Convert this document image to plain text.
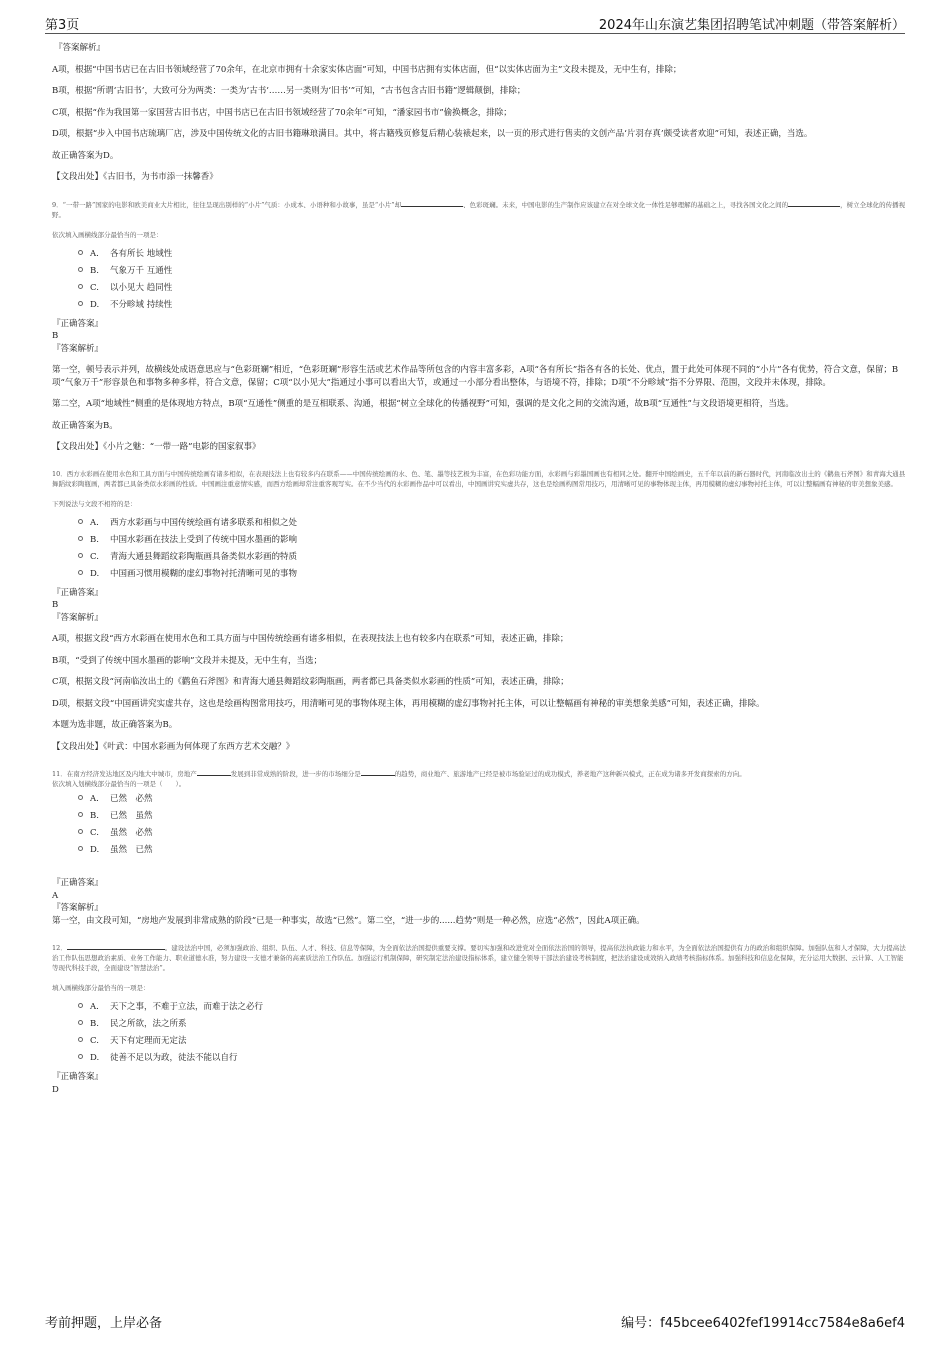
第3页	2024年山东演艺集团招聘笔试冲刺题（带答案解析）

『答案解析』

A项，根据“中国书店已在古旧书领域经营了70余年，在北京市拥有十余家实体店面”可知，中国书店拥有实体店面，但“以实体店面为主”文段未提及，无中生有，排除；

B项，根据“所谓‘古旧书’，大致可分为两类：一类为‘古书’……另一类则为‘旧书’”可知，“古书包含古旧书籍”逻辑颠倒，排除；

C项，根据“作为我国第一家国营古旧书店，中国书店已在古旧书领域经营了70余年”可知，“潘家园书市”偷换概念，排除；

D项，根据“步入中国书店琉璃厂店，涉及中国传统文化的古旧书籍琳琅满目。其中，将古籍残页修复后精心装裱起来，以一页的形式进行售卖的文创产品‘片羽存真’颇受读者欢迎”可知，表述正确，当选。

故正确答案为D。

【文段出处】《古旧书，为书市添一抹馨香》

9．“一带一路”国家的电影和欧美商业大片相比，往往呈现出别样的“小片”气质：小成本、小语种和小故事，虽是“小片”却	、色彩斑斓。未来，中国电影的生产制作应该建立在对全球文化一体性足够理解的基础之上，寻找各国文化之间的	，树立全球化的传播视野。

依次填入画横线部分最恰当的一项是：

A. 各有所长 地域性
B. 气象万千 互通性
C. 以小见大 趋同性
D. 不分畛域 持续性

『正确答案』

B

『答案解析』

第一空，顿号表示并列，故横线处成语意思应与“色彩斑斓”相近，“色彩斑斓”形容生活或艺术作品等所包含的内容丰富多彩，A项“各有所长”指各有各的长处、优点，置于此处可体现不同的“小片”各有优势，符合文意，保留；B项“气象万千”形容景色和事物多种多样，符合文意，保留；C项“以小见大”指通过小事可以看出大节，或通过一小部分看出整体，与语境不符，排除；D项“不分畛域”指不分界限、范围，文段并未体现，排除。

第二空，A项“地域性”侧重的是体现地方特点，B项“互通性”侧重的是互相联系、沟通，根据“树立全球化的传播视野”可知，强调的是文化之间的交流沟通，故B项“互通性”与文段语境更相符，当选。

故正确答案为B。

【文段出处】《小片之魅：“一带一路”电影的国家叙事》

10．西方水彩画在使用水色和工具方面与中国传统绘画有诸多相似，在表现技法上也有较多内在联系——中国传统绘画的水、色、笔、墨等技艺极为丰富，在色彩功能方面，水彩画与彩墨国画也有相同之处。翻开中国绘画史，五千年以前的新石器时代，河南临汝出土的《鹳鱼石斧图》和青海大通县舞蹈纹彩陶瓶画，两者都已具备类似水彩画的性质。中国画注重意情实感，而西方绘画却常注重客观写实。在不少当代的水彩画作品中可以看出，中国画讲究实虚共存，这也是绘画构图常用技巧，用清晰可见的事物体现主体，再用模糊的虚幻事物衬托主体，可以让整幅画有神秘的审美想象美感。

下列说法与文段不相符的是：

A. 西方水彩画与中国传统绘画有诸多联系和相似之处
B. 中国水彩画在技法上受到了传统中国水墨画的影响
C. 青海大通县舞蹈纹彩陶瓶画具备类似水彩画的特质
D. 中国画习惯用模糊的虚幻事物衬托清晰可见的事物

『正确答案』

B

『答案解析』

A项，根据文段“西方水彩画在使用水色和工具方面与中国传统绘画有诸多相似，在表现技法上也有较多内在联系”可知，表述正确，排除；

B项，“受到了传统中国水墨画的影响”文段并未提及，无中生有，当选；

C项，根据文段“河南临汝出土的《鹳鱼石斧图》和青海大通县舞蹈纹彩陶瓶画，两者都已具备类似水彩画的性质”可知，表述正确，排除；

D项，根据文段“中国画讲究实虚共存，这也是绘画构图常用技巧，用清晰可见的事物体现主体，再用模糊的虚幻事物衬托主体，可以让整幅画有神秘的审美想象美感”可知，表述正确，排除。

本题为选非题，故正确答案为B。

【文段出处】《叶武：中国水彩画为何体现了东西方艺术交融？》

11．在南方经济发达地区及内地大中城市，房地产	发展到非常成熟的阶段，进一步的市场细分是	的趋势，商业地产、旅游地产已经是被市场验证过的成功模式，养老地产这种新兴模式，正在成为诸多开发商探索的方向。

依次填入划横线部分最恰当的一项是（　　）。

A. 已然　必然
B. 已然　虽然
C. 虽然　必然
D. 虽然　已然

『正确答案』

A

『答案解析』

第一空，由文段可知，“房地产发展到非常成熟的阶段”已是一种事实，故选“已然”。第二空，“进一步的......趋势”则是一种必然，应选“必然”，因此A项正确。

12．	。建设法治中国，必须加强政治、组织、队伍、人才、科技、信息等保障，为全面依法治国提供重要支撑。要切实加强和改进党对全面依法治国的领导，提高依法执政能力和水平，为全面依法治国提供有力的政治和组织保障。加强队伍和人才保障，大力提高法治工作队伍思想政治素质、业务工作能力、职业道德水准，努力建设一支德才兼备的高素质法治工作队伍。加强运行机制保障，研究制定法治建设指标体系，建立健全领导干部法治建设考核制度，把法治建设成效纳入政绩考核指标体系。加强科技和信息化保障，充分运用大数据、云计算、人工智能等现代科技手段，全面建设“智慧法治”。

填入画横线部分最恰当的一项是：

A. 天下之事，不难于立法，而难于法之必行
B. 民之所欲，法之所系
C. 天下有定理而无定法
D. 徒善不足以为政，徒法不能以自行

『正确答案』

D

考前押题，上岸必备	编号：f45bcee6402fef19914cc7584e8a6ef4
